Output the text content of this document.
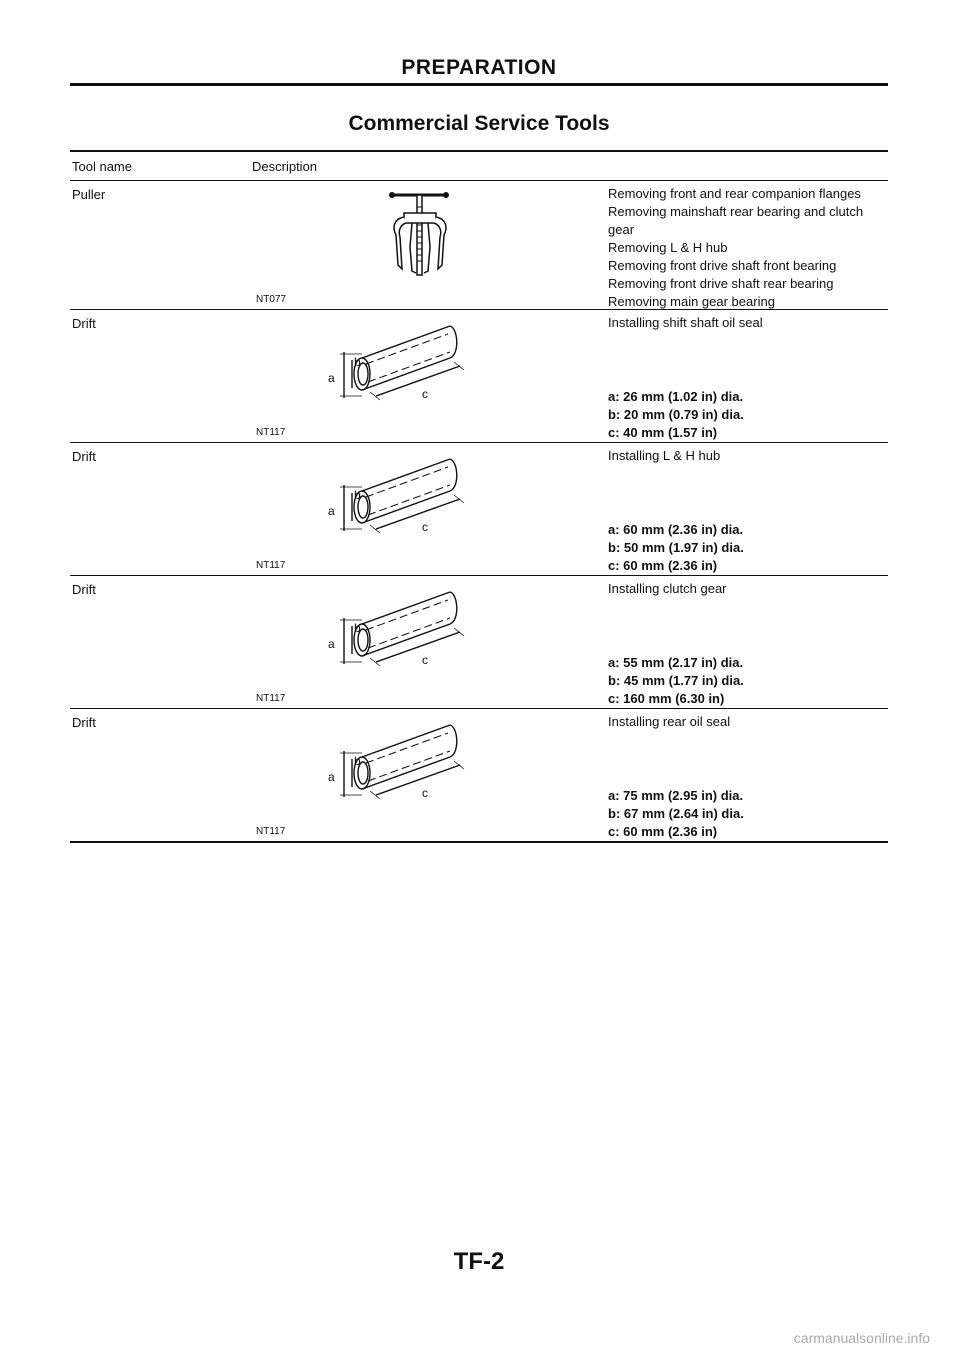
PREPARATION
Commercial Service Tools
Tool name	Description
Puller
NT077
Removing front and rear companion flanges
Removing mainshaft rear bearing and clutch
gear
Removing L & H hub
Removing front drive shaft front bearing
Removing front drive shaft rear bearing
Removing main gear bearing
Drift
a
b
c
NT117
Installing shift shaft oil seal
a: 26 mm (1.02 in) dia.
b: 20 mm (0.79 in) dia.
c: 40 mm (1.57 in)
Drift
a
b
c
NT117
Installing L & H hub
a: 60 mm (2.36 in) dia.
b: 50 mm (1.97 in) dia.
c: 60 mm (2.36 in)
Drift
a
b
c
NT117
Installing clutch gear
a: 55 mm (2.17 in) dia.
b: 45 mm (1.77 in) dia.
c: 160 mm (6.30 in)
Drift
a
b
c
NT117
Installing rear oil seal
a: 75 mm (2.95 in) dia.
b: 67 mm (2.64 in) dia.
c: 60 mm (2.36 in)
TF-2
carmanualsonline.info
